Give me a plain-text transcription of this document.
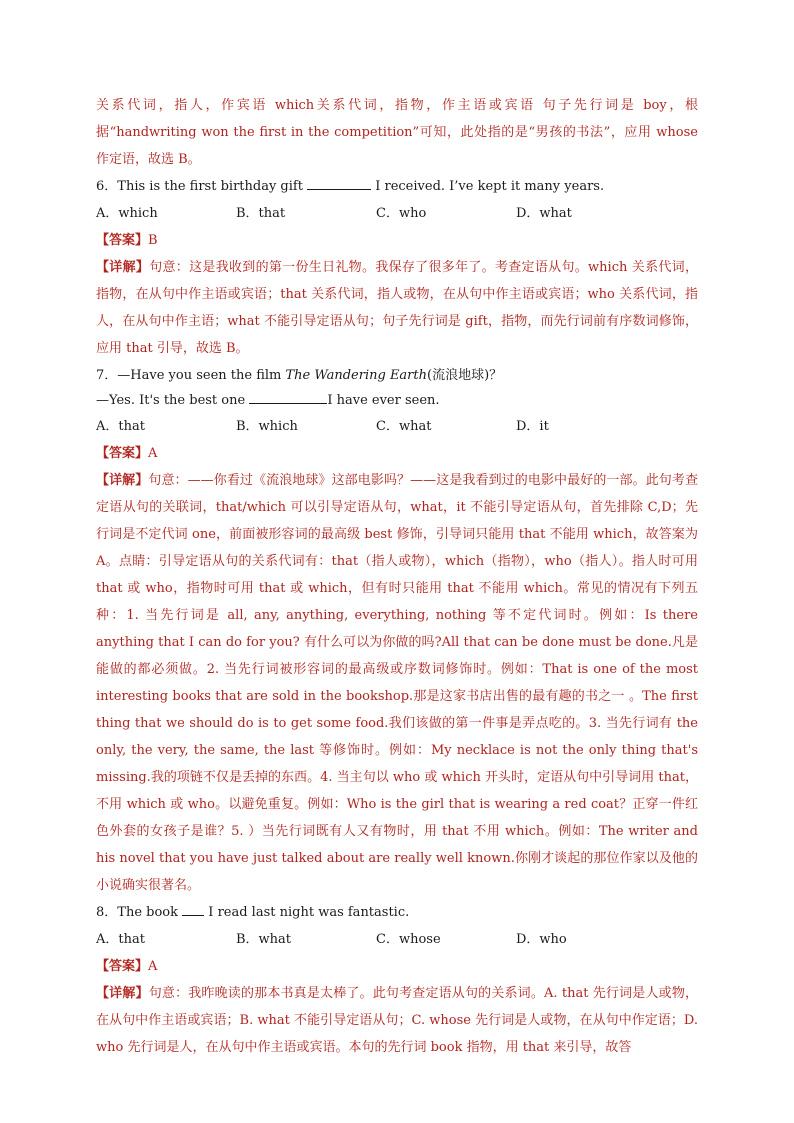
关系代词，指人，作宾语 which关系代词，指物，作主语或宾语 句子先行词是 boy，根据“handwriting won the first in the competition”可知，此处指的是“男孩的书法”，应用 whose 作定语，故选 B。

6．This is the first birthday gift	I received. I’ve kept it many years.

A．which	B．that	C．who	D．what

【答案】B

【详解】句意：这是我收到的第一份生日礼物。我保存了很多年了。考查定语从句。which 关系代词，指物，在从句中作主语或宾语；that 关系代词，指人或物，在从句中作主语或宾语；who 关系代词，指人，在从句中作主语；what 不能引导定语从句；句子先行词是 gift，指物，而先行词前有序数词修饰，应用 that 引导，故选 B。

7．—Have you seen the film The Wandering Earth(流浪地球)？

—Yes. It's the best one	I have ever seen.

A．that	B．which	C．what	D．it

【答案】A

【详解】句意：——你看过《流浪地球》这部电影吗？——这是我看到过的电影中最好的一部。此句考查定语从句的关联词，that/which 可以引导定语从句，what，it 不能引导定语从句，首先排除 C,D；先行词是不定代词 one，前面被形容词的最高级 best 修饰，引导词只能用 that 不能用 which，故答案为 A。点睛：引导定语从句的关系代词有：that（指人或物），which（指物），who（指人）。指人时可用 that 或 who，指物时可用 that 或 which，但有时只能用 that 不能用 which。常见的情况有下列五种：1. 当先行词是 all, any, anything, everything, nothing 等不定代词时。例如：Is there anything that I can do for you? 有什么可以为你做的吗?All that can be done must be done.凡是能做的都必须做。2. 当先行词被形容词的最高级或序数词修饰时。例如：That is one of the most interesting books that are sold in the bookshop.那是这家书店出售的最有趣的书之一 。The first thing that we should do is to get some food.我们该做的第一件事是弄点吃的。3. 当先行词有 the only, the very, the same, the last 等修饰时。例如：My necklace is not the only thing that's missing.我的项链不仅是丢掉的东西。4. 当主句以 who 或 which 开头时，定语从句中引导词用 that，不用 which 或 who。以避免重复。例如：Who is the girl that is wearing a red coat？正穿一件红色外套的女孩子是谁？5. ）当先行词既有人又有物时，用 that 不用 which。例如：The writer and his novel that you have just talked about are really well known.你刚才谈起的那位作家以及他的小说确实很著名。

8．The book I read last night was fantastic.

A．that	B．what	C．whose	D．who

【答案】A

【详解】句意：我昨晚读的那本书真是太棒了。此句考查定语从句的关系词。A. that 先行词是人或物，在从句中作主语或宾语；B. what 不能引导定语从句；C. whose 先行词是人或物，在从句中作定语；D. who 先行词是人，在从句中作主语或宾语。本句的先行词 book 指物，用 that 来引导，故答
